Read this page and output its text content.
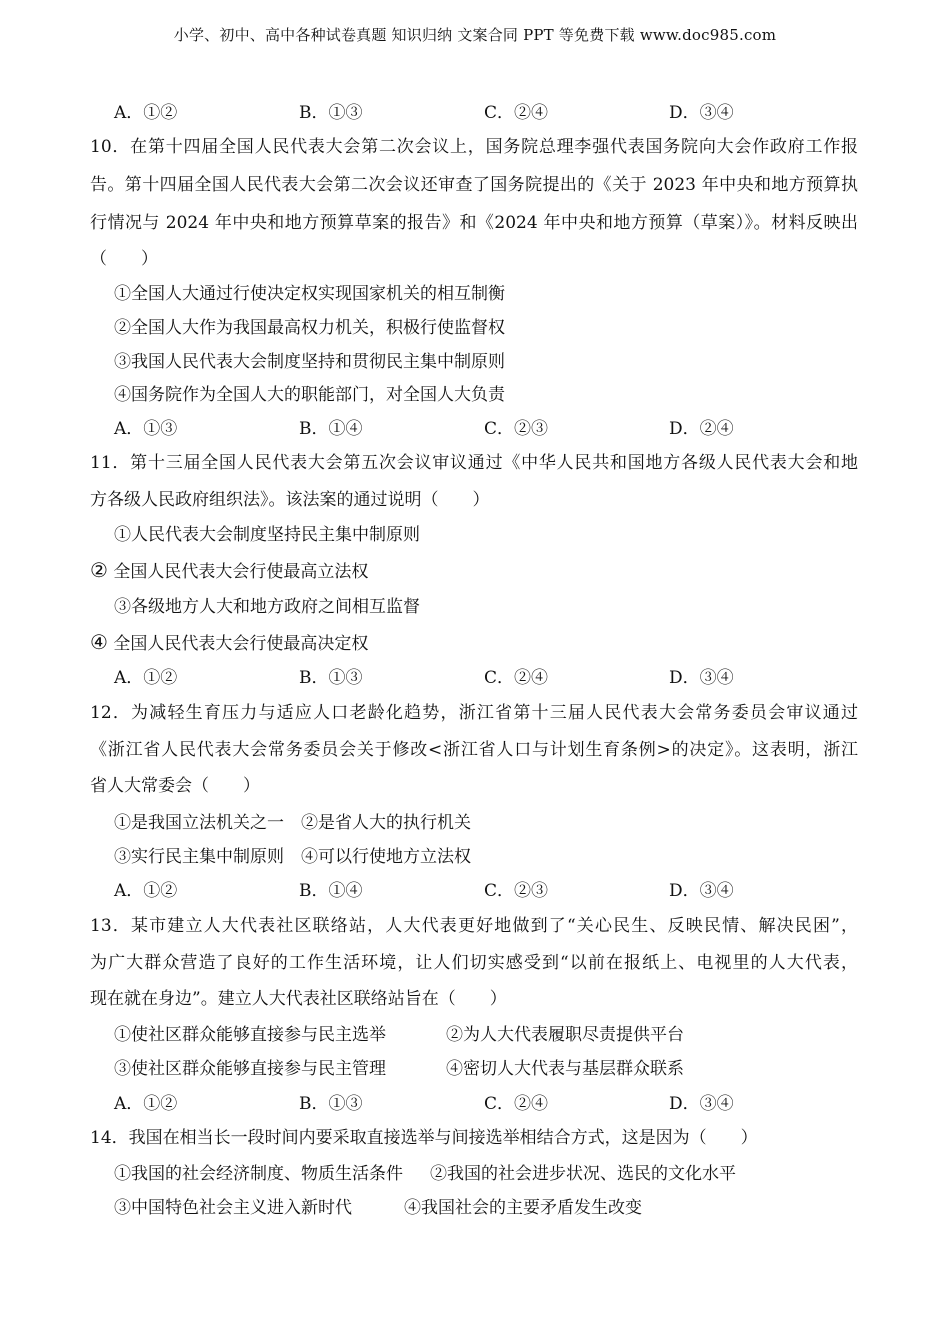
小学、初中、高中各种试卷真题 知识归纳 文案合同 PPT 等免费下载 www.doc985.com
A．①②	B．①③	C．②④	D．③④
10．在第十四届全国人民代表大会第二次会议上，国务院总理李强代表国务院向大会作政府工作报
告。第十四届全国人民代表大会第二次会议还审查了国务院提出的《关于 2023 年中央和地方预算执
行情况与 2024 年中央和地方预算草案的报告》和《2024 年中央和地方预算（草案）》。材料反映出
（　　）
①全国人大通过行使决定权实现国家机关的相互制衡
②全国人大作为我国最高权力机关，积极行使监督权
③我国人民代表大会制度坚持和贯彻民主集中制原则
④国务院作为全国人大的职能部门，对全国人大负责
A．①③	B．①④	C．②③	D．②④
11．第十三届全国人民代表大会第五次会议审议通过《中华人民共和国地方各级人民代表大会和地
方各级人民政府组织法》。该法案的通过说明（　　）
①人民代表大会制度坚持民主集中制原则
② 全国人民代表大会行使最高立法权
③各级地方人大和地方政府之间相互监督
④ 全国人民代表大会行使最高决定权
A．①②	B．①③	C．②④	D．③④
12．为减轻生育压力与适应人口老龄化趋势，浙江省第十三届人民代表大会常务委员会审议通过
《浙江省人民代表大会常务委员会关于修改<浙江省人口与计划生育条例>的决定》。这表明，浙江
省人大常委会（　　）
①是我国立法机关之一　 ②是省人大的执行机关
③实行民主集中制原则　 ④可以行使地方立法权
A．①②	B．①④	C．②③	D．③④
13．某市建立人大代表社区联络站，人大代表更好地做到了“关心民生、反映民情、解决民困”，
为广大群众营造了良好的工作生活环境，让人们切实感受到“以前在报纸上、电视里的人大代表，
现在就在身边”。建立人大代表社区联络站旨在（　　）
①使社区群众能够直接参与民主选举	②为人大代表履职尽责提供平台
③使社区群众能够直接参与民主管理	④密切人大代表与基层群众联系
A．①②	B．①③	C．②④	D．③④
14．我国在相当长一段时间内要采取直接选举与间接选举相结合方式，这是因为（　　）
①我国的社会经济制度、物质生活条件 ②我国的社会进步状况、选民的文化水平
③中国特色社会主义进入新时代	④我国社会的主要矛盾发生改变
